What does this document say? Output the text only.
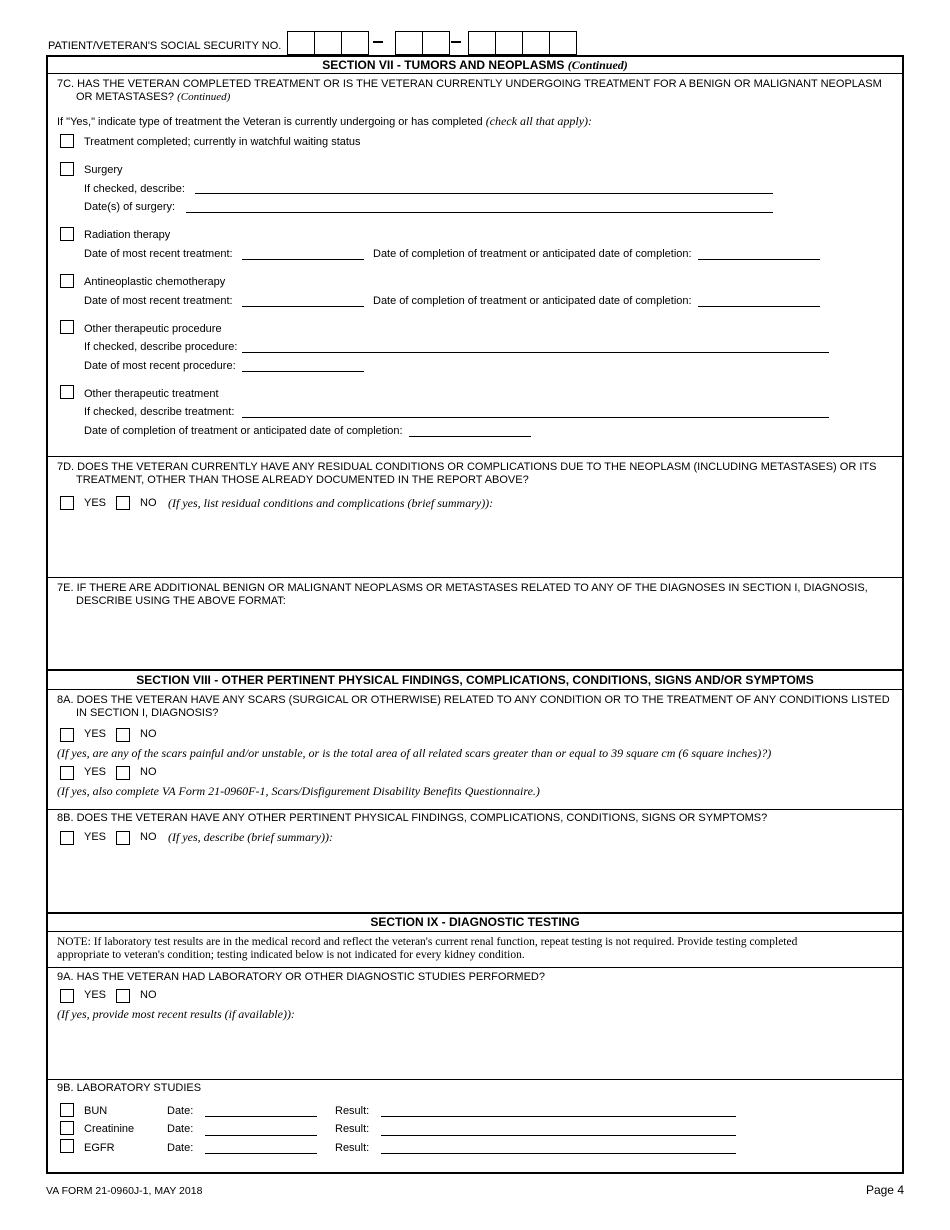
PATIENT/VETERAN'S SOCIAL SECURITY NO.
SECTION VII - TUMORS AND NEOPLASMS (Continued)
7C. HAS THE VETERAN COMPLETED TREATMENT OR IS THE VETERAN CURRENTLY UNDERGOING TREATMENT FOR A BENIGN OR MALIGNANT NEOPLASM
OR METASTASES? (Continued)
If "Yes," indicate type of treatment the Veteran is currently undergoing or has completed (check all that apply):
Treatment completed; currently in watchful waiting status
Surgery
If checked, describe:
Date(s) of surgery:
Radiation therapy
Date of most recent treatment:	Date of completion of treatment or anticipated date of completion:
Antineoplastic chemotherapy
Date of most recent treatment:	Date of completion of treatment or anticipated date of completion:
Other therapeutic procedure
If checked, describe procedure:
Date of most recent procedure:
Other therapeutic treatment
If checked, describe treatment:
Date of completion of treatment or anticipated date of completion:
7D. DOES THE VETERAN CURRENTLY HAVE ANY RESIDUAL CONDITIONS OR COMPLICATIONS DUE TO THE NEOPLASM (INCLUDING METASTASES) OR ITS
TREATMENT, OTHER THAN THOSE ALREADY DOCUMENTED IN THE REPORT ABOVE?
YES	NO (If yes, list residual conditions and complications (brief summary)):
7E. IF THERE ARE ADDITIONAL BENIGN OR MALIGNANT NEOPLASMS OR METASTASES RELATED TO ANY OF THE DIAGNOSES IN SECTION I, DIAGNOSIS,
DESCRIBE USING THE ABOVE FORMAT:
SECTION VIII - OTHER PERTINENT PHYSICAL FINDINGS, COMPLICATIONS, CONDITIONS, SIGNS AND/OR SYMPTOMS
8A. DOES THE VETERAN HAVE ANY SCARS (SURGICAL OR OTHERWISE) RELATED TO ANY CONDITION OR TO THE TREATMENT OF ANY CONDITIONS LISTED
IN SECTION I, DIAGNOSIS?
YES	NO
(If yes, are any of the scars painful and/or unstable, or is the total area of all related scars greater than or equal to 39 square cm (6 square inches)?)
YES	NO
(If yes, also complete VA Form 21-0960F-1, Scars/Disfigurement Disability Benefits Questionnaire.)
8B. DOES THE VETERAN HAVE ANY OTHER PERTINENT PHYSICAL FINDINGS, COMPLICATIONS, CONDITIONS, SIGNS OR SYMPTOMS?
YES	NO (If yes, describe (brief summary)):
SECTION IX - DIAGNOSTIC TESTING
NOTE: If laboratory test results are in the medical record and reflect the veteran's current renal function, repeat testing is not required. Provide testing completed
appropriate to veteran's condition; testing indicated below is not indicated for every kidney condition.
9A. HAS THE VETERAN HAD LABORATORY OR OTHER DIAGNOSTIC STUDIES PERFORMED?
YES	NO
(If yes, provide most recent results (if available)):
9B. LABORATORY STUDIES
BUN	Date:	Result:
Creatinine	Date:	Result:
EGFR	Date:	Result:
VA FORM 21-0960J-1, MAY 2018	Page 4
